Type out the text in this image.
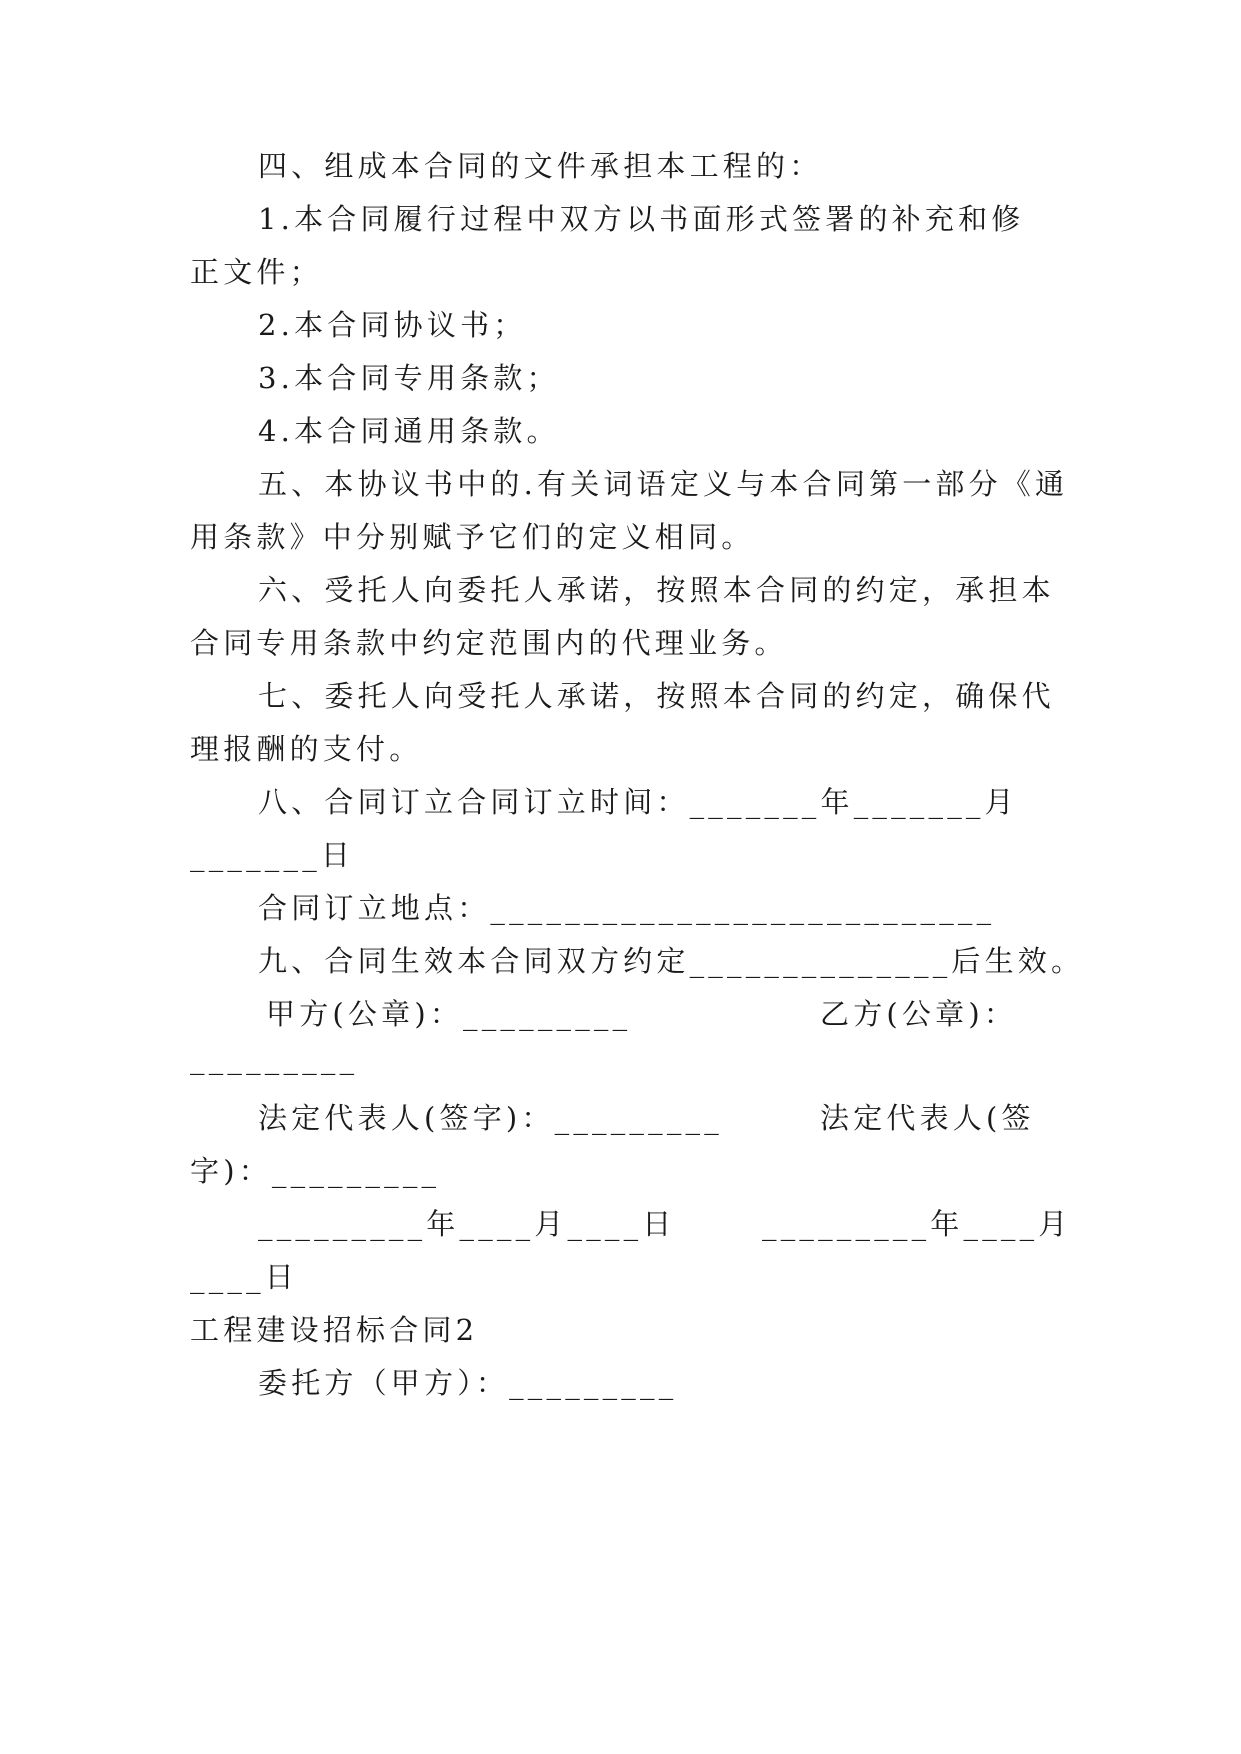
四、组成本合同的文件承担本工程的：
1.本合同履行过程中双方以书面形式签署的补充和修
正文件；
2.本合同协议书；
3.本合同专用条款；
4.本合同通用条款。
五、本协议书中的.有关词语定义与本合同第一部分《通
用条款》中分别赋予它们的定义相同。
六、受托人向委托人承诺，按照本合同的约定，承担本
合同专用条款中约定范围内的代理业务。
七、委托人向受托人承诺，按照本合同的约定，确保代
理报酬的支付。
八、合同订立合同订立时间：_______年_______月
_______日
合同订立地点：___________________________
九、合同生效本合同双方约定______________后生效。
甲方(公章)：_________	乙方(公章)：
_________
法定代表人(签字)：_________	法定代表人(签
字)：_________
_________年____月____日	_________年____月
____日
工程建设招标合同2
委托方（甲方）：_________
